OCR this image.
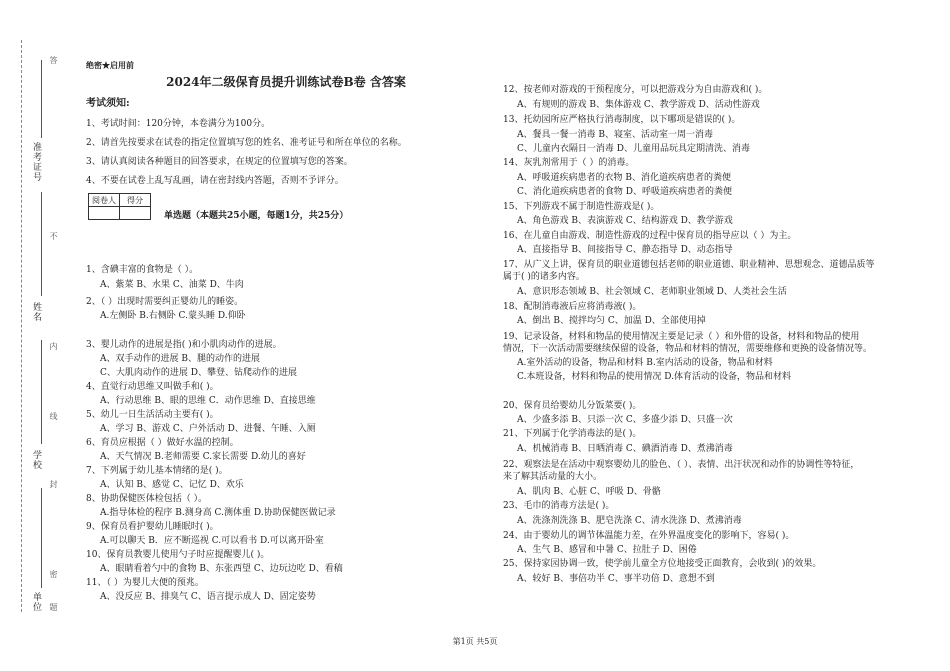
准考证号
姓名
学校
单位
答
不
内
线
封
密
题
绝密★启用前
2024年二级保育员提升训练试卷B卷 含答案
考试须知:
1、考试时间：120分钟，本卷满分为100分。
2、请首先按要求在试卷的指定位置填写您的姓名、准考证号和所在单位的名称。
3、请认真阅读各种题目的回答要求，在规定的位置填写您的答案。
4、不要在试卷上乱写乱画，请在密封线内答题，否则不予评分。
阅卷人	得分

单选题（本题共25小题，每题1分，共25分）
1、含碘丰富的食物是（ ）。
A、紫菜 B、水果 C、油菜 D、牛肉
2、（ ）出现时需要纠正婴幼儿的睡姿。
A.左侧卧 B.右侧卧 C.蒙头睡 D.仰卧
3、婴儿动作的进展是指( )和小肌肉动作的进展。
A、双手动作的进展 B、腿的动作的进展
C、大肌肉动作的进展 D、攀登、钻爬动作的进展
4、直觉行动思维又叫做手和( )。
A、行动思维 B、眼的思维 C．动作思维 D、直接思维
5、幼儿一日生活活动主要有( )。
A、学习 B、游戏 C、户外活动 D、进餐、午睡、入厕
6、育员应根据（ ）做好水温的控制。
A、天气情况 B.老师需要 C.家长需要 D.幼儿的喜好
7、下列属于幼儿基本情绪的是( )。
A、认知 B、感觉 C、记忆 D、欢乐
8、协助保健医体检包括（ ）。
A.指导体检的程序 B.测身高 C.测体重 D.协助保健医做记录
9、保育员看护婴幼儿睡眠时( )。
A.可以聊天 B．应不断巡视 C.可以看书 D.可以离开卧室
10、保育员教婴儿使用勺子时应提醒婴儿( )。
A、眼睛看着勺中的食物 B、东张西望 C、边玩边吃 D、看稿
11、（ ）为婴儿大便的预兆。
A、没反应 B、排臭气 C、语言提示成人 D、固定姿势
12、按老师对游戏的干预程度分，可以把游戏分为自由游戏和( )。
A、有规则的游戏 B、集体游戏 C、教学游戏 D、活动性游戏
13、托幼园所应严格执行消毒制度，以下哪项是错误的( )。
A、餐具一餐一消毒 B、寝室、活动室一周一消毒
C、儿童内衣隔日一消毒 D、儿童用品玩具定期清洗、消毒
14、灰乳剂常用于（ ）的消毒。
A、呼吸道疾病患者的衣物 B、消化道疾病患者的粪便
C、消化道疾病患者的食物 D、呼吸道疾病患者的粪便
15、下列游戏不属于制造性游戏是( )。
A、角色游戏 B、表演游戏 C、结构游戏 D、教学游戏
16、在儿童自由游戏、制造性游戏的过程中保育员的指导应以（ ）为主。
A、直接指导 B、间接指导 C、静态指导 D、动态指导
17、从广义上讲，保育员的职业道德包括老师的职业道德、职业精神、思想观念、道德品质等
属于( )的诸多内容。
A、意识形态领域 B、社会领域 C、老师职业领域 D、人类社会生活
18、配制消毒液后应将消毒液( )。
A、倒出 B、搅拌均匀 C、加温 D、全部使用掉
19、记录设备，材料和物品的使用情况主要是记录（ ）和外借的设备，材料和物品的使用
情况，下一次活动需要继续保留的设备，物品和材料的情况，需要维修和更换的设备情况等。
A.室外活动的设备，物品和材料 B.室内活动的设备，物品和材料
C.本班设备，材料和物品的使用情况 D.体育活动的设备，物品和材料
20、保育员给婴幼儿分饭菜要( )。
A、少盛多添 B、只添一次 C、多盛少添 D、只盛一次
21、下列属于化学消毒法的是( )。
A、机械消毒 B、日晒消毒 C、碘酒消毒 D、煮沸消毒
22、观察法是在活动中观察婴幼儿的脸色、（ ）、表情、出汗状况和动作的协调性等特征，
来了解其活动量的大小。
A、肌肉 B、心脏 C、呼吸 D、骨骼
23、毛巾的消毒方法是( )。
A、洗涤剂洗涤 B、肥皂洗涤 C、清水洗涤 D、煮沸消毒
24、由于婴幼儿的调节体温能力差，在外界温度变化的影响下，容易( )。
A、生气 B、感冒和中暑 C、拉肚子 D、困倦
25、保持家园协调一致，使学前儿童全方位地接受正面教育，会收到( )的效果。
A、较好 B、事倍功半 C、事半功倍 D、意想不到
第1页 共5页
